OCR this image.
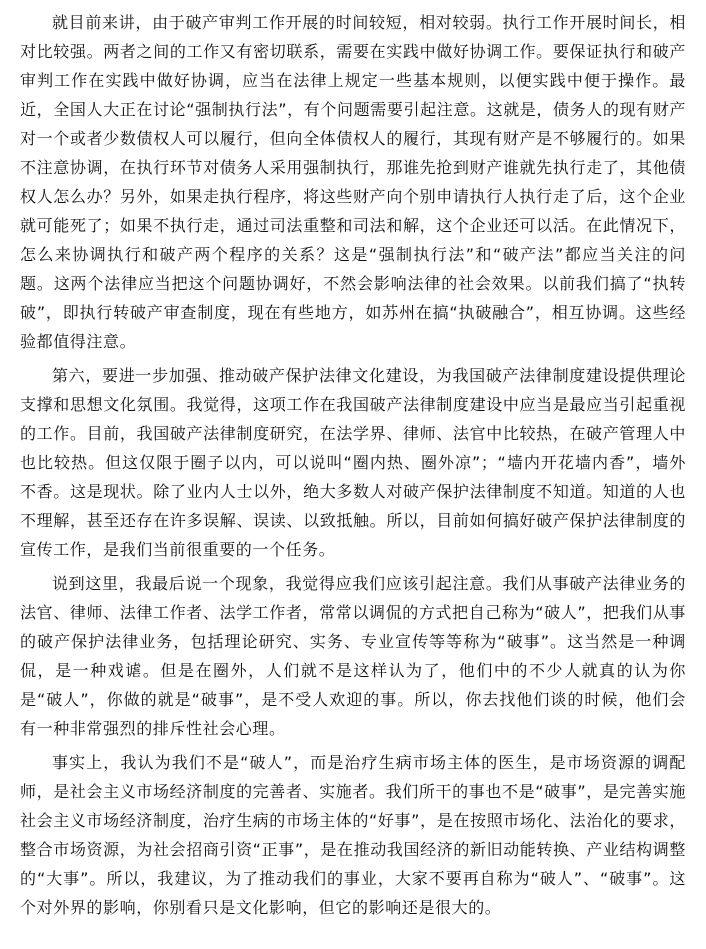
就目前来讲，由于破产审判工作开展的时间较短，相对较弱。执行工作开展时间长，相对比较强。两者之间的工作又有密切联系，需要在实践中做好协调工作。要保证执行和破产审判工作在实践中做好协调，应当在法律上规定一些基本规则，以便实践中便于操作。最近，全国人大正在讨论“强制执行法”，有个问题需要引起注意。这就是，债务人的现有财产对一个或者少数债权人可以履行，但向全体债权人的履行，其现有财产是不够履行的。如果不注意协调，在执行环节对债务人采用强制执行，那谁先抢到财产谁就先执行走了，其他债权人怎么办？另外，如果走执行程序，将这些财产向个别申请执行人执行走了后，这个企业就可能死了；如果不执行走，通过司法重整和司法和解，这个企业还可以活。在此情况下，怎么来协调执行和破产两个程序的关系？这是“强制执行法”和“破产法”都应当关注的问题。这两个法律应当把这个问题协调好，不然会影响法律的社会效果。以前我们搞了“执转破”，即执行转破产审查制度，现在有些地方，如苏州在搞“执破融合”，相互协调。这些经验都值得注意。

第六，要进一步加强、推动破产保护法律文化建设，为我国破产法律制度建设提供理论支撑和思想文化氛围。我觉得，这项工作在我国破产法律制度建设中应当是最应当引起重视的工作。目前，我国破产法律制度研究，在法学界、律师、法官中比较热，在破产管理人中也比较热。但这仅限于圈子以内，可以说叫“圈内热、圈外凉”；“墙内开花墙内香”，墙外不香。这是现状。除了业内人士以外，绝大多数人对破产保护法律制度不知道。知道的人也不理解，甚至还存在许多误解、误读、以致抵触。所以，目前如何搞好破产保护法律制度的宣传工作，是我们当前很重要的一个任务。

说到这里，我最后说一个现象，我觉得应我们应该引起注意。我们从事破产法律业务的法官、律师、法律工作者、法学工作者，常常以调侃的方式把自己称为“破人”，把我们从事的破产保护法律业务，包括理论研究、实务、专业宣传等等称为“破事”。这当然是一种调侃，是一种戏谑。但是在圈外，人们就不是这样认为了，他们中的不少人就真的认为你是“破人”，你做的就是“破事”，是不受人欢迎的事。所以，你去找他们谈的时候，他们会有一种非常强烈的排斥性社会心理。

事实上，我认为我们不是“破人”，而是治疗生病市场主体的医生，是市场资源的调配师，是社会主义市场经济制度的完善者、实施者。我们所干的事也不是“破事”，是完善实施社会主义市场经济制度，治疗生病的市场主体的“好事”，是在按照市场化、法治化的要求，整合市场资源，为社会招商引资“正事”，是在推动我国经济的新旧动能转换、产业结构调整的“大事”。所以，我建议，为了推动我们的事业，大家不要再自称为“破人”、“破事”。这个对外界的影响，你别看只是文化影响，但它的影响还是很大的。
